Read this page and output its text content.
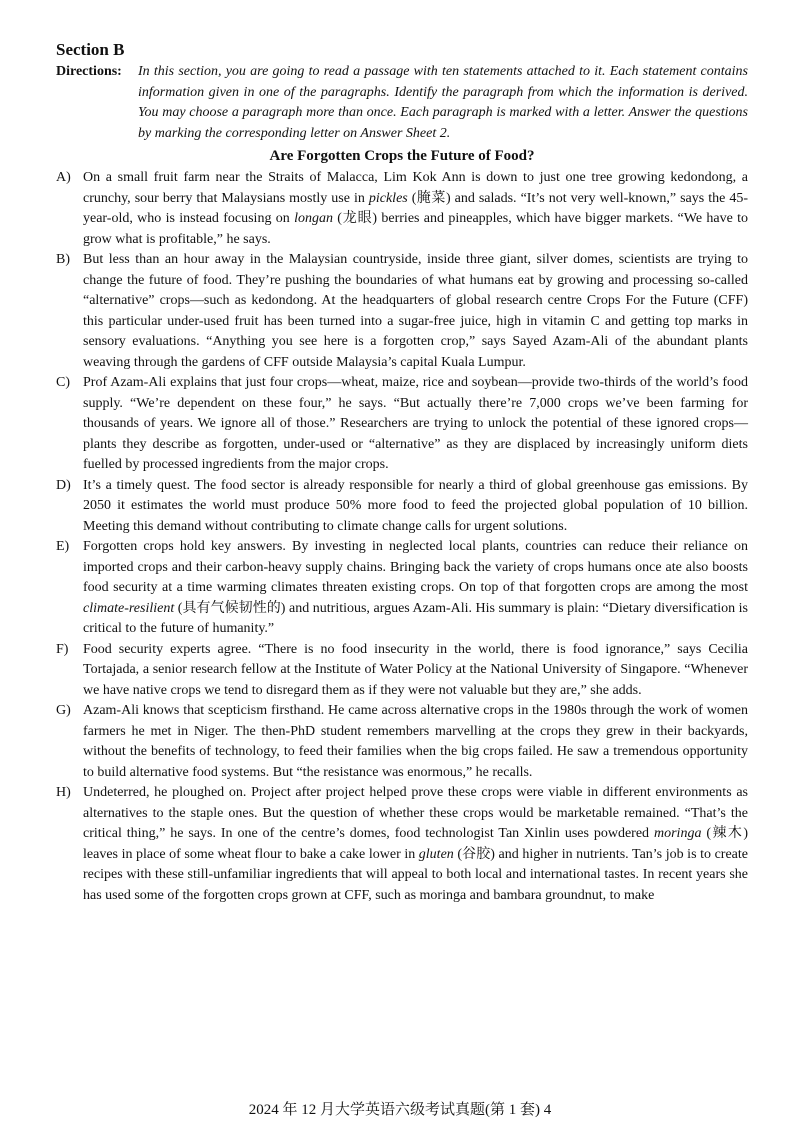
Section B
Directions: In this section, you are going to read a passage with ten statements attached to it. Each statement contains information given in one of the paragraphs. Identify the paragraph from which the information is derived. You may choose a paragraph more than once. Each paragraph is marked with a letter. Answer the questions by marking the corresponding letter on Answer Sheet 2.
Are Forgotten Crops the Future of Food?

A) On a small fruit farm near the Straits of Malacca, Lim Kok Ann is down to just one tree growing kedondong, a crunchy, sour berry that Malaysians mostly use in pickles (腌菜) and salads. “It’s not very well-known,” says the 45-year-old, who is instead focusing on longan (龙眼) berries and pineapples, which have bigger markets. “We have to grow what is profitable,” he says.

B) But less than an hour away in the Malaysian countryside, inside three giant, silver domes, scientists are trying to change the future of food. They’re pushing the boundaries of what humans eat by growing and processing so-called “alternative” crops—such as kedondong. At the headquarters of global research centre Crops For the Future (CFF) this particular under-used fruit has been turned into a sugar-free juice, high in vitamin C and getting top marks in sensory evaluations. “Anything you see here is a forgotten crop,” says Sayed Azam-Ali of the abundant plants weaving through the gardens of CFF outside Malaysia’s capital Kuala Lumpur.

C) Prof Azam-Ali explains that just four crops—wheat, maize, rice and soybean—provide two-thirds of the world’s food supply. “We’re dependent on these four,” he says. “But actually there’re 7,000 crops we’ve been farming for thousands of years. We ignore all of those.” Researchers are trying to unlock the potential of these ignored crops—plants they describe as forgotten, under-used or “alternative” as they are displaced by increasingly uniform diets fuelled by processed ingredients from the major crops.

D) It’s a timely quest. The food sector is already responsible for nearly a third of global greenhouse gas emissions. By 2050 it estimates the world must produce 50% more food to feed the projected global population of 10 billion. Meeting this demand without contributing to climate change calls for urgent solutions.

E) Forgotten crops hold key answers. By investing in neglected local plants, countries can reduce their reliance on imported crops and their carbon-heavy supply chains. Bringing back the variety of crops humans once ate also boosts food security at a time warming climates threaten existing crops. On top of that forgotten crops are among the most climate-resilient (具有气候韧性的) and nutritious, argues Azam-Ali. His summary is plain: “Dietary diversification is critical to the future of humanity.”

F) Food security experts agree. “There is no food insecurity in the world, there is food ignorance,” says Cecilia Tortajada, a senior research fellow at the Institute of Water Policy at the National University of Singapore. “Whenever we have native crops we tend to disregard them as if they were not valuable but they are,” she adds.

G) Azam-Ali knows that scepticism firsthand. He came across alternative crops in the 1980s through the work of women farmers he met in Niger. The then-PhD student remembers marvelling at the crops they grew in their backyards, without the benefits of technology, to feed their families when the big crops failed. He saw a tremendous opportunity to build alternative food systems. But “the resistance was enormous,” he recalls.

H) Undeterred, he ploughed on. Project after project helped prove these crops were viable in different environments as alternatives to the staple ones. But the question of whether these crops would be marketable remained. “That’s the critical thing,” he says. In one of the centre’s domes, food technologist Tan Xinlin uses powdered moringa (辣木) leaves in place of some wheat flour to bake a cake lower in gluten (谷胶) and higher in nutrients. Tan’s job is to create recipes with these still-unfamiliar ingredients that will appeal to both local and international tastes. In recent years she has used some of the forgotten crops grown at CFF, such as moringa and bambara groundnut, to make

2024 年 12 月大学英语六级考试真题(第 1 套) 4
